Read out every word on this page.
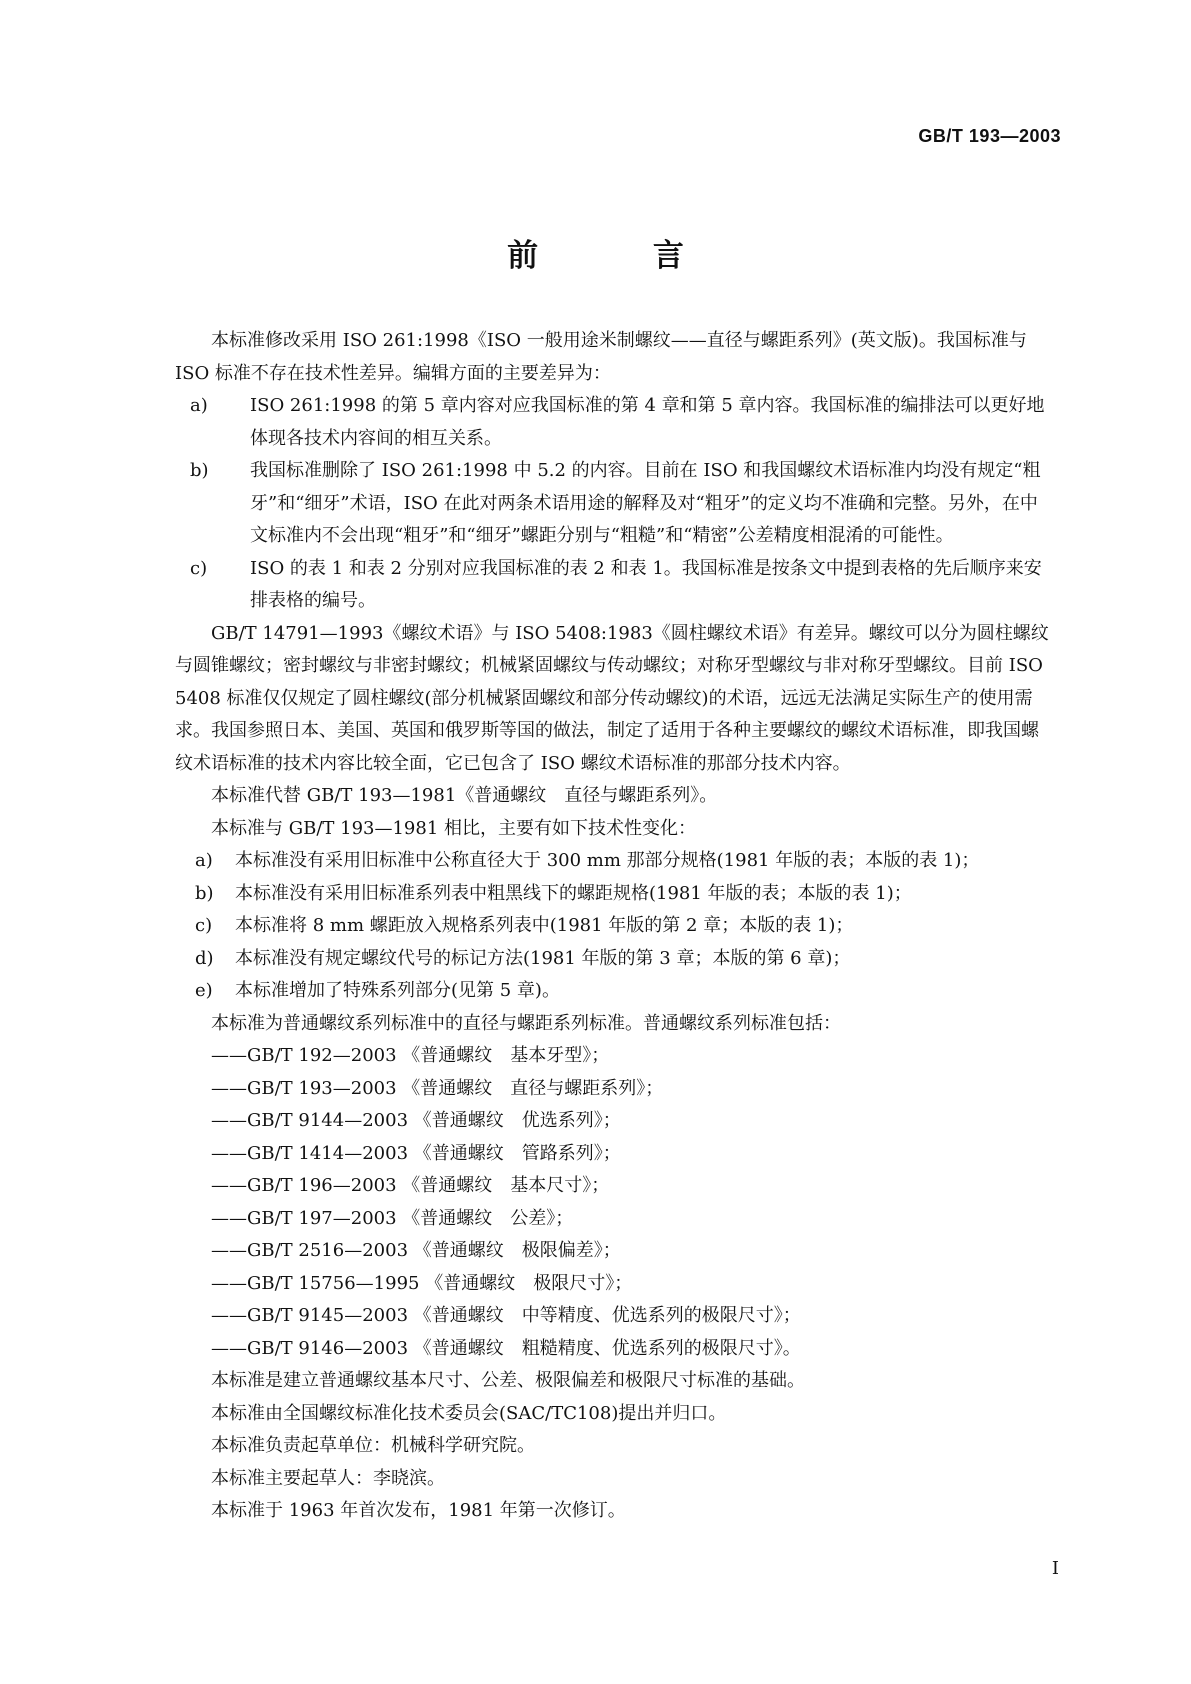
GB/T 193—2003
前 言

本标准修改采用 ISO 261:1998《ISO 一般用途米制螺纹——直径与螺距系列》(英文版)。我国标准与 ISO 标准不存在技术性差异。编辑方面的主要差异为：

a) ISO 261:1998 的第 5 章内容对应我国标准的第 4 章和第 5 章内容。我国标准的编排法可以更好地体现各技术内容间的相互关系。
b) 我国标准删除了 ISO 261:1998 中 5.2 的内容。目前在 ISO 和我国螺纹术语标准内均没有规定“粗牙”和“细牙”术语，ISO 在此对两条术语用途的解释及对“粗牙”的定义均不准确和完整。另外，在中文标准内不会出现“粗牙”和“细牙”螺距分别与“粗糙”和“精密”公差精度相混淆的可能性。
c) ISO 的表 1 和表 2 分别对应我国标准的表 2 和表 1。我国标准是按条文中提到表格的先后顺序来安排表格的编号。

GB/T 14791—1993《螺纹术语》与 ISO 5408:1983《圆柱螺纹术语》有差异。螺纹可以分为圆柱螺纹与圆锥螺纹；密封螺纹与非密封螺纹；机械紧固螺纹与传动螺纹；对称牙型螺纹与非对称牙型螺纹。目前 ISO 5408 标准仅仅规定了圆柱螺纹(部分机械紧固螺纹和部分传动螺纹)的术语，远远无法满足实际生产的使用需求。我国参照日本、美国、英国和俄罗斯等国的做法，制定了适用于各种主要螺纹的螺纹术语标准，即我国螺纹术语标准的技术内容比较全面，它已包含了 ISO 螺纹术语标准的那部分技术内容。

本标准代替 GB/T 193—1981《普通螺纹　直径与螺距系列》。

本标准与 GB/T 193—1981 相比，主要有如下技术性变化：

a) 本标准没有采用旧标准中公称直径大于 300 mm 那部分规格(1981 年版的表；本版的表 1)；
b) 本标准没有采用旧标准系列表中粗黑线下的螺距规格(1981 年版的表；本版的表 1)；
c) 本标准将 8 mm 螺距放入规格系列表中(1981 年版的第 2 章；本版的表 1)；
d) 本标准没有规定螺纹代号的标记方法(1981 年版的第 3 章；本版的第 6 章)；
e) 本标准增加了特殊系列部分(见第 5 章)。

本标准为普通螺纹系列标准中的直径与螺距系列标准。普通螺纹系列标准包括：

——GB/T 192—2003 《普通螺纹　基本牙型》；
——GB/T 193—2003 《普通螺纹　直径与螺距系列》；
——GB/T 9144—2003 《普通螺纹　优选系列》；
——GB/T 1414—2003 《普通螺纹　管路系列》；
——GB/T 196—2003 《普通螺纹　基本尺寸》；
——GB/T 197—2003 《普通螺纹　公差》；
——GB/T 2516—2003 《普通螺纹　极限偏差》；
——GB/T 15756—1995 《普通螺纹　极限尺寸》；
——GB/T 9145—2003 《普通螺纹　中等精度、优选系列的极限尺寸》；
——GB/T 9146—2003 《普通螺纹　粗糙精度、优选系列的极限尺寸》。

本标准是建立普通螺纹基本尺寸、公差、极限偏差和极限尺寸标准的基础。

本标准由全国螺纹标准化技术委员会(SAC/TC108)提出并归口。

本标准负责起草单位：机械科学研究院。

本标准主要起草人：李晓滨。

本标准于 1963 年首次发布，1981 年第一次修订。

I
